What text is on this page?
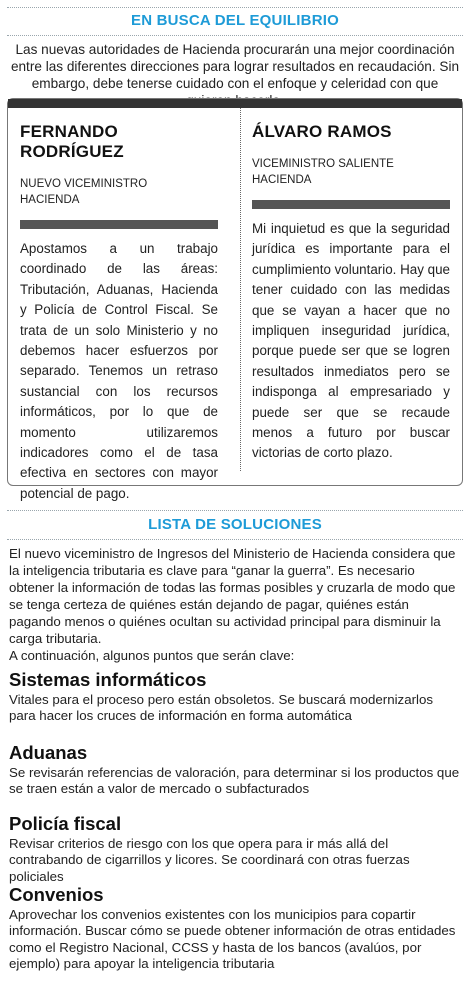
EN BUSCA DEL EQUILIBRIO
Las nuevas autoridades de Hacienda procurarán una mejor coordinación entre las diferentes direcciones para lograr resultados en recaudación. Sin embargo, debe tenerse cuidado con el enfoque y celeridad con que
FERNANDO RODRÍGUEZ
NUEVO VICEMINISTRO
HACIENDA
Apostamos a un trabajo coordinado de las áreas: Tributación, Aduanas, Hacienda y Policía de Control Fiscal. Se trata de un solo Ministerio y no debemos hacer esfuerzos por separado. Tenemos un retraso sustancial con los recursos informáticos, por lo que de momento utilizaremos indicadores como el de tasa efectiva en sectores con mayor potencial de pago.
ÁLVARO RAMOS
VICEMINISTRO SALIENTE
HACIENDA
Mi inquietud es que la seguridad jurídica es importante para el cumplimiento voluntario. Hay que tener cuidado con las medidas que se vayan a hacer que no impliquen inseguridad jurídica, porque puede ser que se logren resultados inmediatos pero se indisponga al empresariado y puede ser que se recaude menos a futuro por buscar victorias de corto plazo.
LISTA DE SOLUCIONES
El nuevo viceministro de Ingresos del Ministerio de Hacienda considera que la inteligencia tributaria es clave para “ganar la guerra”. Es necesario obtener la información de todas las formas posibles y cruzarla de modo que se tenga certeza de quiénes están dejando de pagar, quiénes están pagando menos o quiénes ocultan su actividad principal para disminuir la carga tributaria.
A continuación, algunos puntos que serán clave:
Sistemas informáticos

Vitales para el proceso pero están obsoletos. Se buscará modernizarlos para hacer los cruces de información en forma automática

Aduanas

Se revisarán referencias de valoración, para determinar si los productos que se traen están a valor de mercado o subfacturados

Policía fiscal

Revisar criterios de riesgo con los que opera para ir más allá del contrabando de cigarrillos y licores. Se coordinará con otras fuerzas policiales

Convenios

Aprovechar los convenios existentes con los municipios para copartir información. Buscar cómo se puede obtener información de otras entidades como el Registro Nacional, CCSS y hasta de los bancos (avalúos, por ejemplo) para apoyar la inteligencia tributaria
